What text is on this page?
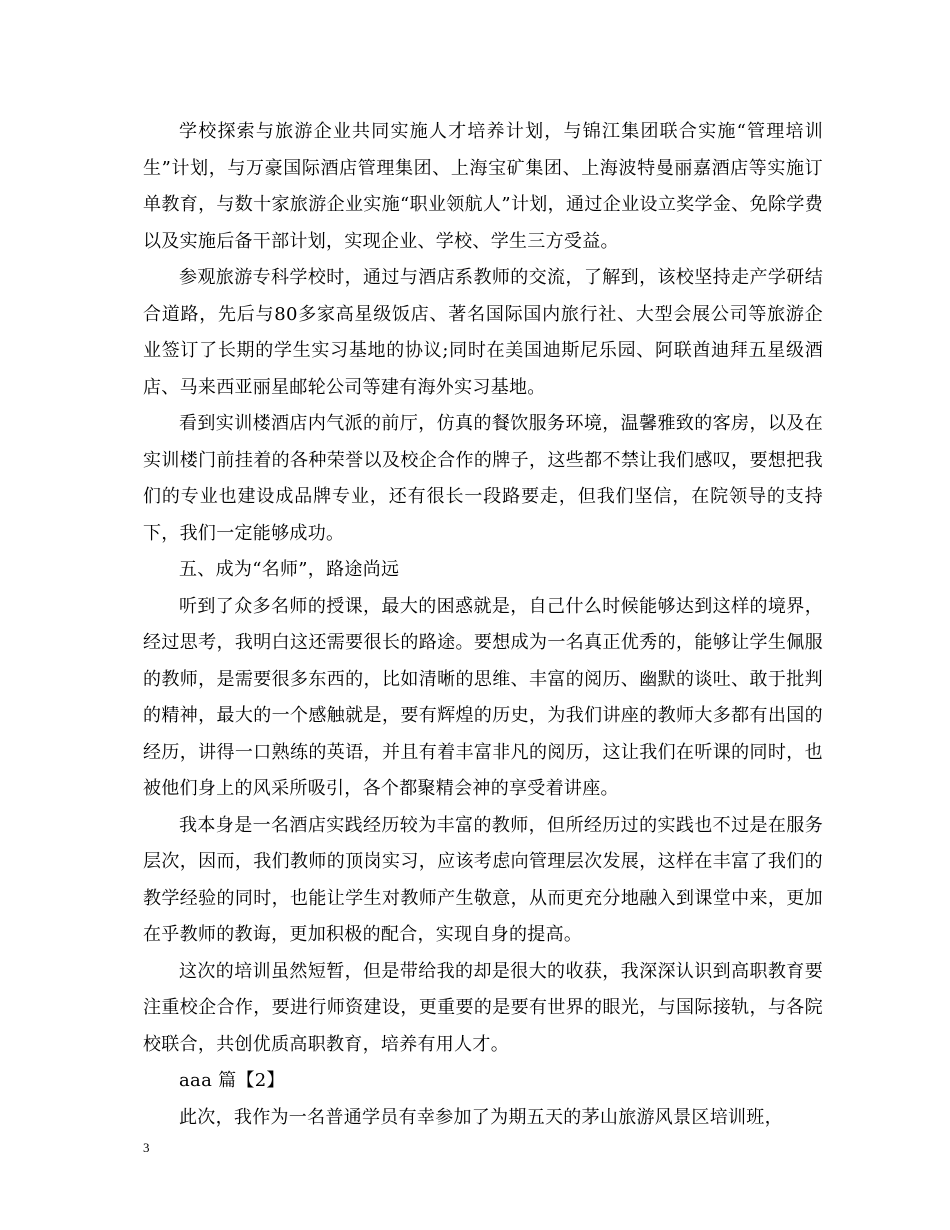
学校探索与旅游企业共同实施人才培养计划，与锦江集团联合实施“管理培训生”计划，与万豪国际酒店管理集团、上海宝矿集团、上海波特曼丽嘉酒店等实施订单教育，与数十家旅游企业实施“职业领航人”计划，通过企业设立奖学金、免除学费以及实施后备干部计划，实现企业、学校、学生三方受益。

参观旅游专科学校时，通过与酒店系教师的交流，了解到，该校坚持走产学研结合道路，先后与80多家高星级饭店、著名国际国内旅行社、大型会展公司等旅游企业签订了长期的学生实习基地的协议;同时在美国迪斯尼乐园、阿联酋迪拜五星级酒店、马来西亚丽星邮轮公司等建有海外实习基地。

看到实训楼酒店内气派的前厅，仿真的餐饮服务环境，温馨雅致的客房，以及在实训楼门前挂着的各种荣誉以及校企合作的牌子，这些都不禁让我们感叹，要想把我们的专业也建设成品牌专业，还有很长一段路要走，但我们坚信，在院领导的支持下，我们一定能够成功。

五、成为“名师”，路途尚远

听到了众多名师的授课，最大的困惑就是，自己什么时候能够达到这样的境界，经过思考，我明白这还需要很长的路途。要想成为一名真正优秀的，能够让学生佩服的教师，是需要很多东西的，比如清晰的思维、丰富的阅历、幽默的谈吐、敢于批判的精神，最大的一个感触就是，要有辉煌的历史，为我们讲座的教师大多都有出国的经历，讲得一口熟练的英语，并且有着丰富非凡的阅历，这让我们在听课的同时，也被他们身上的风采所吸引，各个都聚精会神的享受着讲座。

我本身是一名酒店实践经历较为丰富的教师，但所经历过的实践也不过是在服务层次，因而，我们教师的顶岗实习，应该考虑向管理层次发展，这样在丰富了我们的教学经验的同时，也能让学生对教师产生敬意，从而更充分地融入到课堂中来，更加在乎教师的教诲，更加积极的配合，实现自身的提高。

这次的培训虽然短暂，但是带给我的却是很大的收获，我深深认识到高职教育要注重校企合作，要进行师资建设，更重要的是要有世界的眼光，与国际接轨，与各院校联合，共创优质高职教育，培养有用人才。

aaa 篇【2】

此次，我作为一名普通学员有幸参加了为期五天的茅山旅游风景区培训班，

3
